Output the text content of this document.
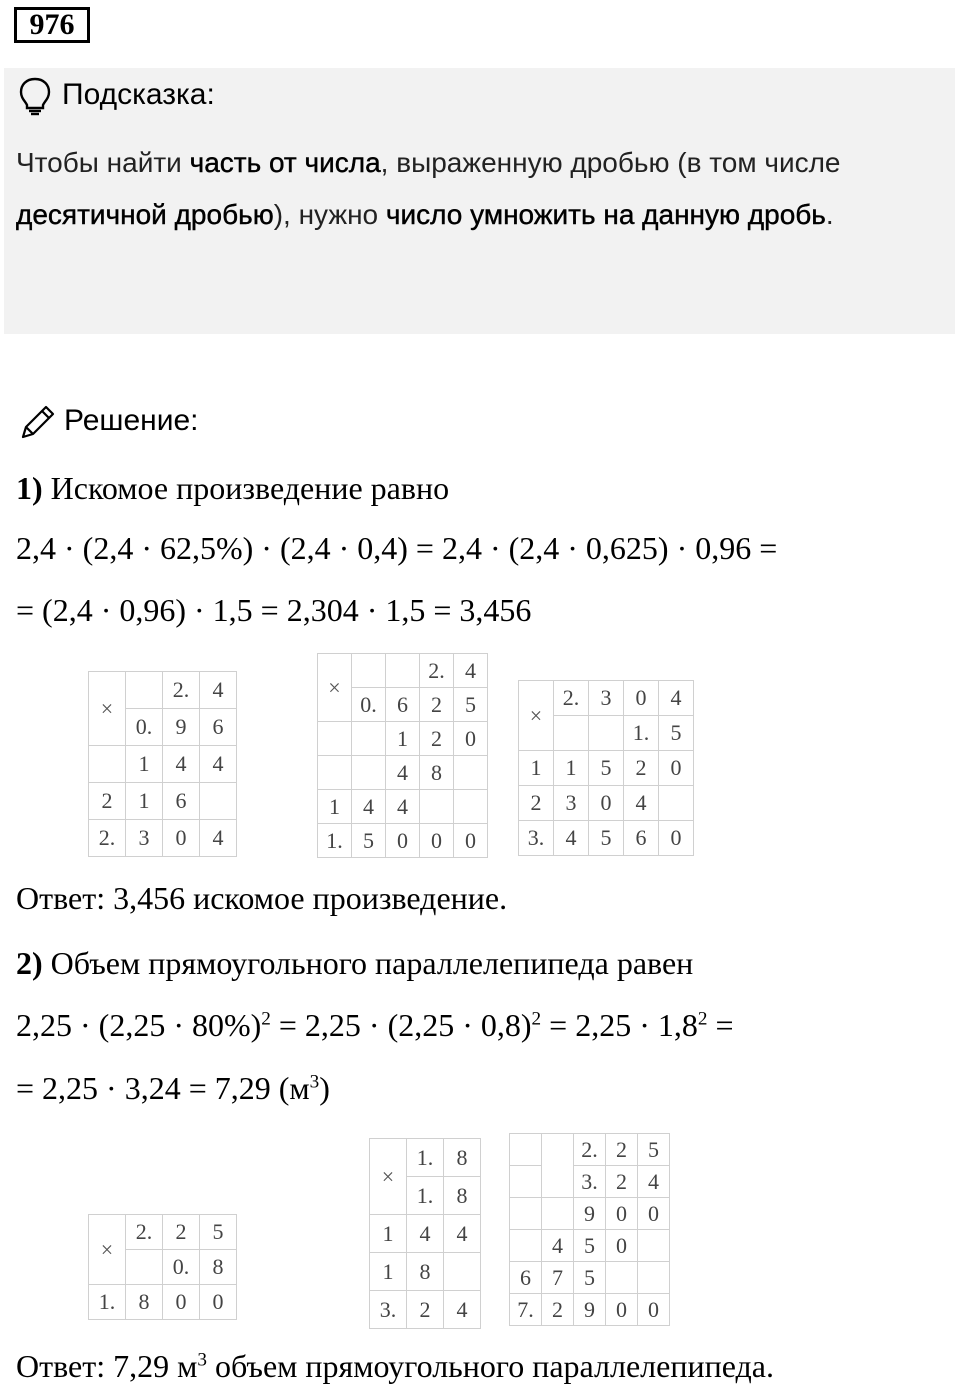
976
Подсказка:
Чтобы найти часть от числа, выраженную дробью (в том числе десятичной дробью), нужно число умножить на данную дробь.
Решение:
1) Искомое произведение равно
2,4 · (2,4 · 62,5%) · (2,4 · 0,4) = 2,4 · (2,4 · 0,625) · 0,96 =
= (2,4 · 0,96) · 1,5 = 2,304 · 1,5 = 3,456
×		2.	4
	0.	9	6
	1	4	4
2	1	6	
2.	3	0	4
×			2.	4
	0.	6	2	5
		1	2	0
		4	8	
1	4	4		
1.	5	0	0	0
×	2.	3	0	4
			1.	5
1	1	5	2	0
2	3	0	4	
3.	4	5	6	0
Ответ: 3,456 искомое произведение.
2) Объем прямоугольного параллелепипеда равен
$2,25 \cdot (2,25 \cdot 80\%)^2 = 2,25 \cdot (2,25 \cdot 0,8)^2 = 2,25 \cdot 1,8^2$ =
= 2,25 · 3,24 = 7,29 $(м^3)$
×	2.	2	5
		0.	8
1.	8	0	0
×	1.	8
	1.	8
1	4	4
1	8	
3.	2	4
		2.	2	5
		3.	2	4
		9	0	0
	4	5	0	
6	7	5		
7.	2	9	0	0
Ответ: 7,29 $м^3$ объем прямоугольного параллелепипеда.
